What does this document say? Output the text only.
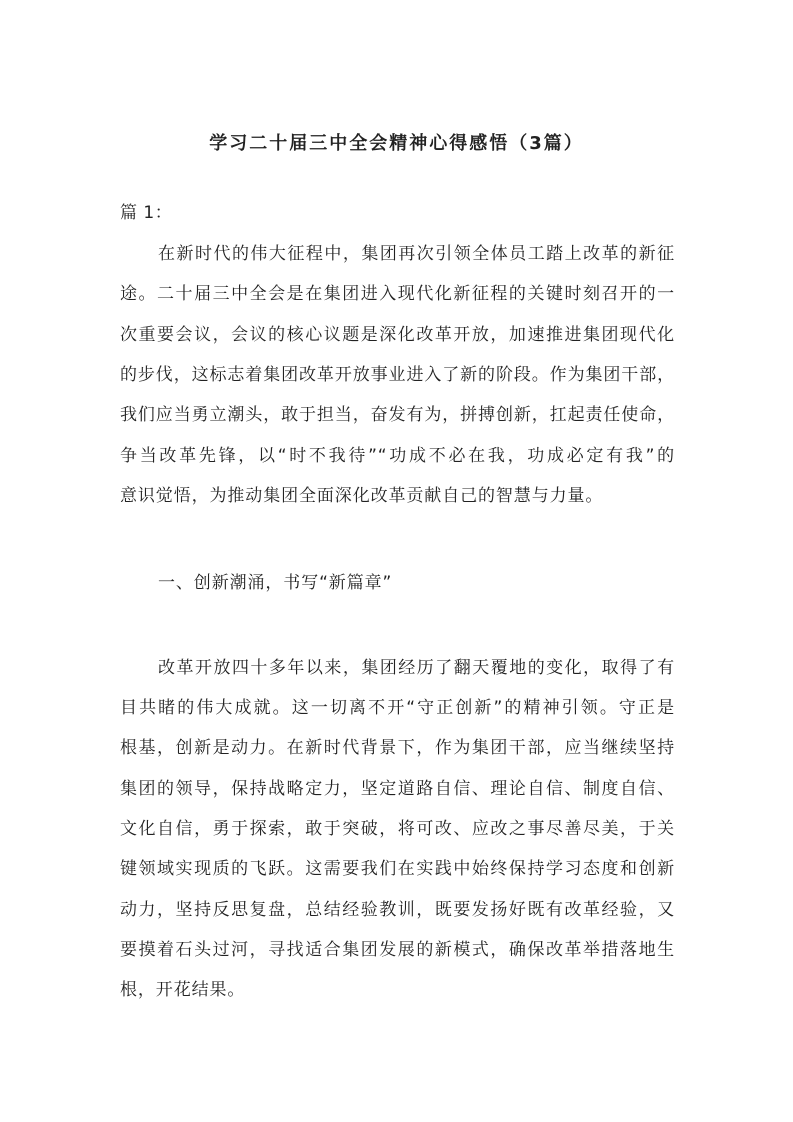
学习二十届三中全会精神心得感悟（3篇）
篇 1：
在新时代的伟大征程中，集团再次引领全体员工踏上改革的新征
途。二十届三中全会是在集团进入现代化新征程的关键时刻召开的一
次重要会议，会议的核心议题是深化改革开放，加速推进集团现代化
的步伐，这标志着集团改革开放事业进入了新的阶段。作为集团干部，
我们应当勇立潮头，敢于担当，奋发有为，拼搏创新，扛起责任使命，
争当改革先锋，以“时不我待”“功成不必在我，功成必定有我”的
意识觉悟，为推动集团全面深化改革贡献自己的智慧与力量。
一、创新潮涌，书写“新篇章”
改革开放四十多年以来，集团经历了翻天覆地的变化，取得了有
目共睹的伟大成就。这一切离不开“守正创新”的精神引领。守正是
根基，创新是动力。在新时代背景下，作为集团干部，应当继续坚持
集团的领导，保持战略定力，坚定道路自信、理论自信、制度自信、
文化自信，勇于探索，敢于突破，将可改、应改之事尽善尽美，于关
键领域实现质的飞跃。这需要我们在实践中始终保持学习态度和创新
动力，坚持反思复盘，总结经验教训，既要发扬好既有改革经验，又
要摸着石头过河，寻找适合集团发展的新模式，确保改革举措落地生
根，开花结果。
